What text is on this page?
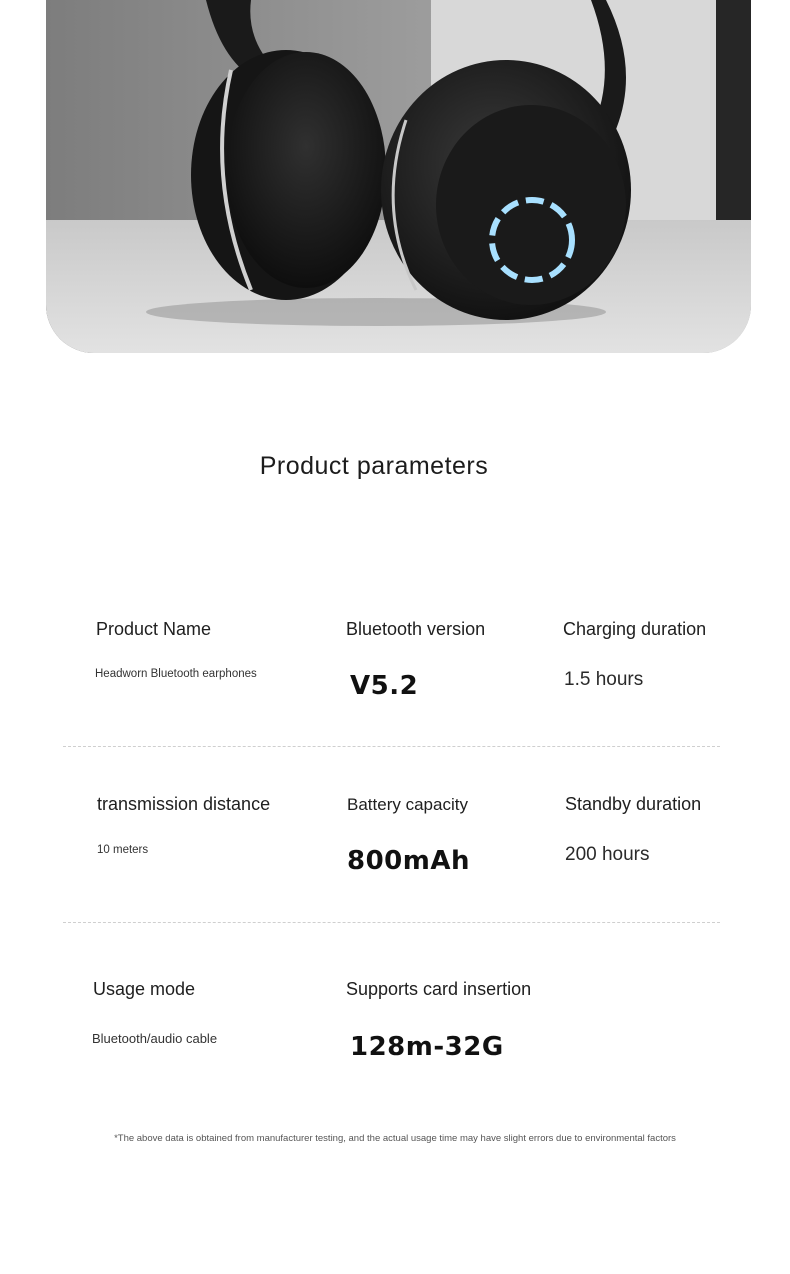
Product parameters
Product Name
Headworn Bluetooth earphones
Bluetooth version
V5.2
Charging duration
1.5 hours
transmission distance
10 meters
Battery capacity
800mAh
Standby duration
200 hours
Usage mode
Bluetooth/audio cable
Supports card insertion
128m-32G
*The above data is obtained from manufacturer testing, and the actual usage time may have slight errors due to environmental factors
